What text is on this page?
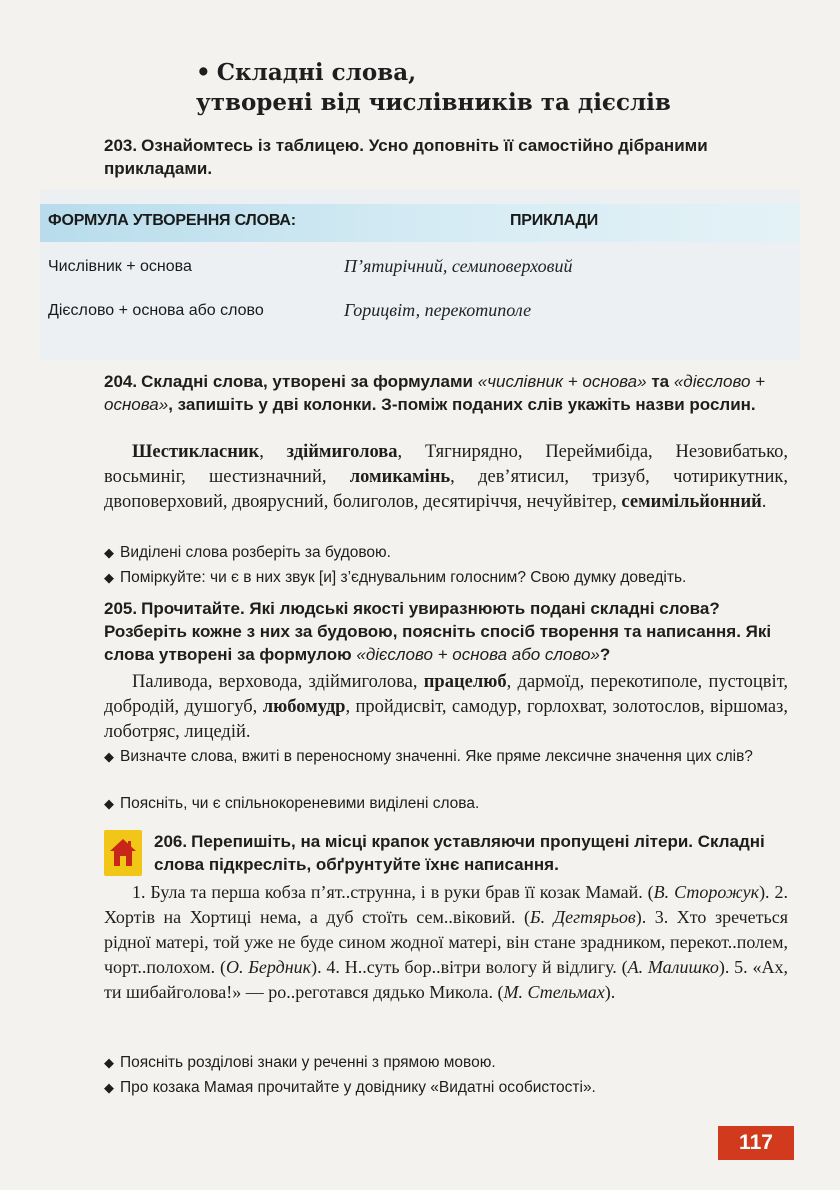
• Складні слова,
утворені від числівників та дієслів
203. Ознайомтесь із таблицею. Усно доповніть її самостійно дібраними прикладами.
ФОРМУЛА УТВОРЕННЯ СЛОВА:	ПРИКЛАДИ
Числівник + основа	П’ятирічний, семиповерховий
Дієслово + основа або слово	Горицвіт, перекотиполе
204. Складні слова, утворені за формулами «числівник + основа» та «дієслово + основа», запишіть у дві колонки. З-поміж поданих слів укажіть назви рослин.
Шестикласник, здіймиголова, Тягнирядно, Переймибіда, Незовибатько, восьминіг, шестизначний, ломикамінь, дев’ятисил, тризуб, чотирикутник, двоповерховий, двоярусний, болиголов, десятиріччя, нечуйвітер, семимільйонний.
◆ Виділені слова розберіть за будовою.
◆ Поміркуйте: чи є в них звук [и] з’єднувальним голосним? Свою думку доведіть.
205. Прочитайте. Які людські якості увиразнюють подані складні слова? Розберіть кожне з них за будовою, поясніть спосіб творення та написання. Які слова утворені за формулою «дієслово + основа або слово»?
Паливода, верховода, здіймиголова, працелюб, дармоїд, перекотиполе, пустоцвіт, добродій, душогуб, любомудр, пройдисвіт, самодур, горлохват, золотослов, віршомаз, лоботряс, лицедій.
◆ Визначте слова, вжиті в переносному значенні. Яке пряме лексичне значення цих слів?
◆ Поясніть, чи є спільнокореневими виділені слова.
206. Перепишіть, на місці крапок уставляючи пропущені літери. Складні слова підкресліть, обґрунтуйте їхнє написання.
1. Була та перша кобза п’ят..струнна, і в руки брав її козак Мамай. (В. Сторожук). 2. Хортів на Хортиці нема, а дуб стоїть сем..віковий. (Б. Дегтярьов). 3. Хто зречеться рідної матері, той уже не буде сином жодної матері, він стане зрадником, перекот..полем, чорт..полохом. (О. Бердник). 4. Н..суть бор..вітри вологу й відлигу. (А. Малишко). 5. «Ах, ти шибайголова!» — ро..реготався дядько Микола. (М. Стельмах).
◆ Поясніть розділові знаки у реченні з прямою мовою.
◆ Про козака Мамая прочитайте у довіднику «Видатні особистості».
117
